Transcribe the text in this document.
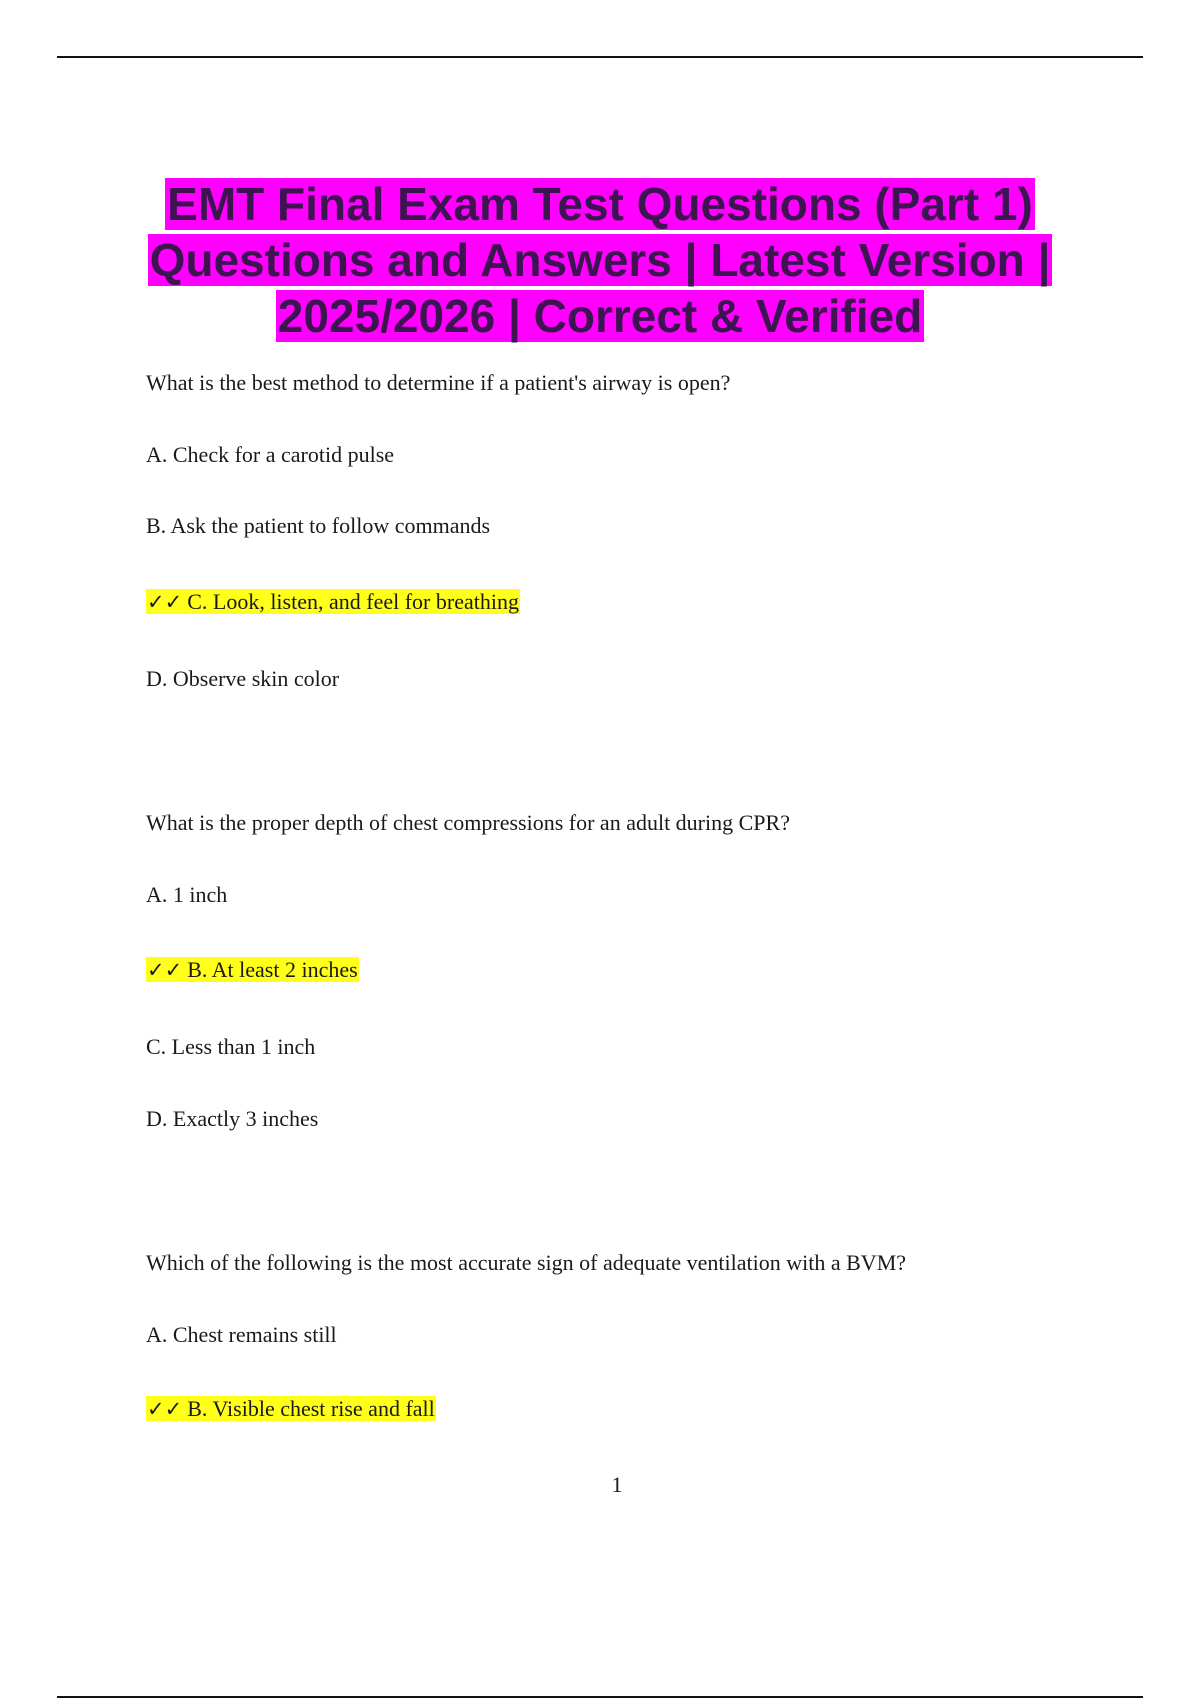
EMT Final Exam Test Questions (Part 1) Questions and Answers | Latest Version | 2025/2026 | Correct & Verified
What is the best method to determine if a patient's airway is open?
A. Check for a carotid pulse
B. Ask the patient to follow commands
✓✓ C. Look, listen, and feel for breathing
D. Observe skin color
What is the proper depth of chest compressions for an adult during CPR?
A. 1 inch
✓✓ B. At least 2 inches
C. Less than 1 inch
D. Exactly 3 inches
Which of the following is the most accurate sign of adequate ventilation with a BVM?
A. Chest remains still
✓✓ B. Visible chest rise and fall
1
